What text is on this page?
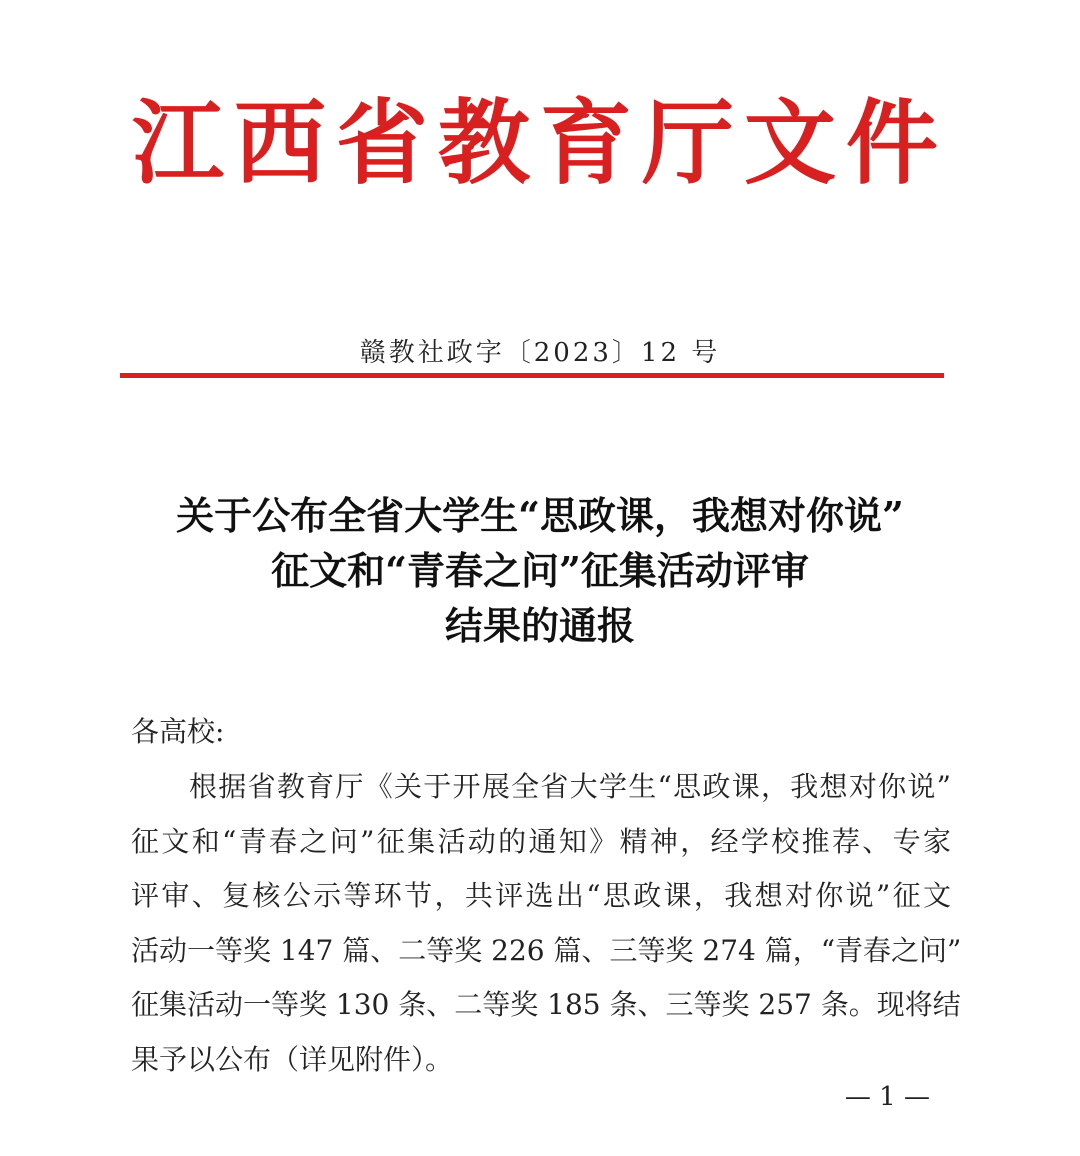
江西省教育厅文件
赣教社政字〔2023〕12 号
关于公布全省大学生“思政课，我想对你说”
征文和“青春之问”征集活动评审
结果的通报
各高校:
根据省教育厅《关于开展全省大学生“思政课，我想对你说”
征文和“青春之问”征集活动的通知》精神，经学校推荐、专家
评审、复核公示等环节，共评选出“思政课，我想对你说”征文
活动一等奖 147 篇、二等奖 226 篇、三等奖 274 篇，“青春之问”
征集活动一等奖 130 条、二等奖 185 条、三等奖 257 条。现将结
果予以公布（详见附件）。
— 1 —
